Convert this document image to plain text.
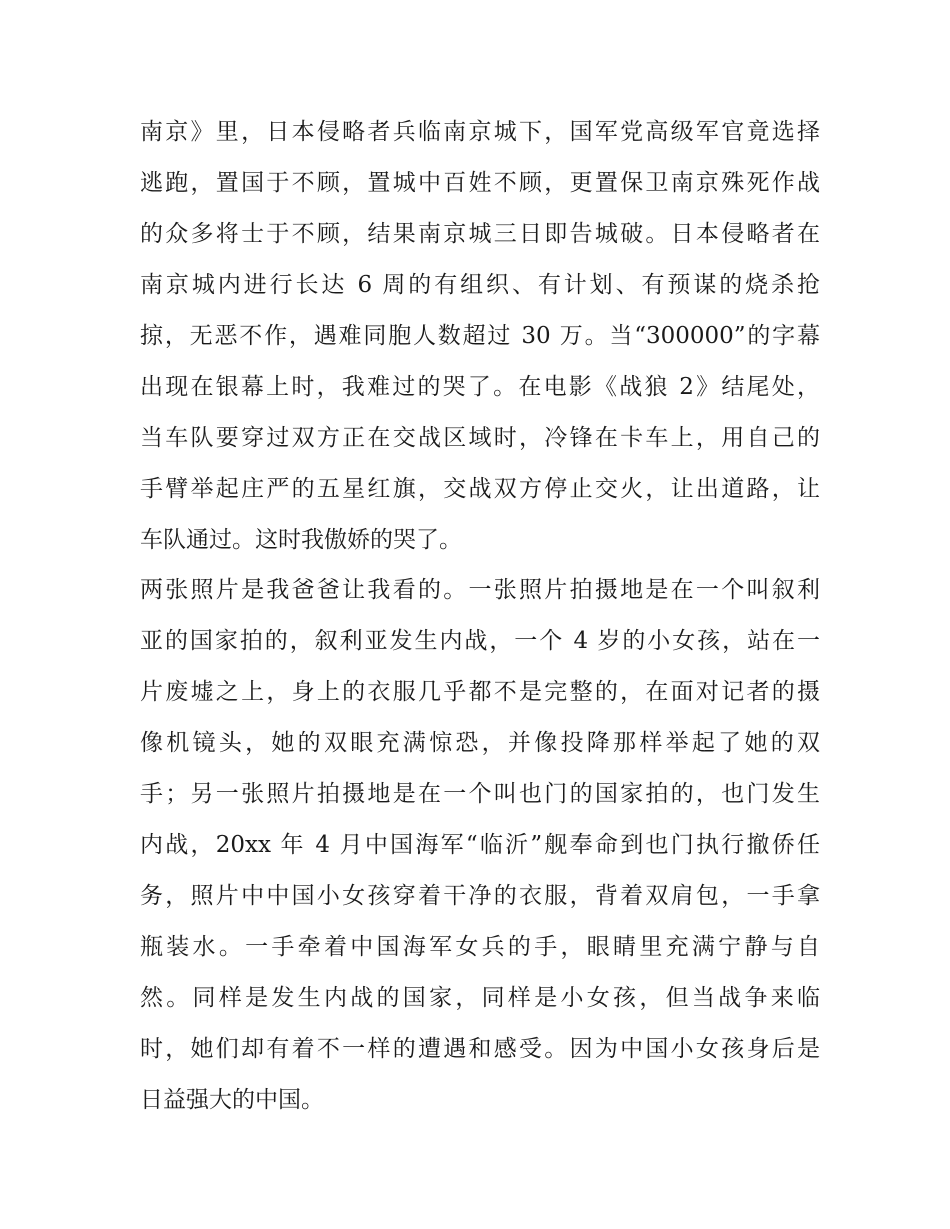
南京》里，日本侵略者兵临南京城下，国军党高级军官竟选择
逃跑，置国于不顾，置城中百姓不顾，更置保卫南京殊死作战
的众多将士于不顾，结果南京城三日即告城破。日本侵略者在
南京城内进行长达 6 周的有组织、有计划、有预谋的烧杀抢
掠，无恶不作，遇难同胞人数超过 30 万。当“300000”的字幕
出现在银幕上时，我难过的哭了。在电影《战狼 2》结尾处，
当车队要穿过双方正在交战区域时，冷锋在卡车上，用自己的
手臂举起庄严的五星红旗，交战双方停止交火，让出道路，让
车队通过。这时我傲娇的哭了。
两张照片是我爸爸让我看的。一张照片拍摄地是在一个叫叙利
亚的国家拍的，叙利亚发生内战，一个 4 岁的小女孩，站在一
片废墟之上，身上的衣服几乎都不是完整的，在面对记者的摄
像机镜头，她的双眼充满惊恐，并像投降那样举起了她的双
手；另一张照片拍摄地是在一个叫也门的国家拍的，也门发生
内战，20xx 年 4 月中国海军“临沂”舰奉命到也门执行撤侨任
务，照片中中国小女孩穿着干净的衣服，背着双肩包，一手拿
瓶装水。一手牵着中国海军女兵的手，眼睛里充满宁静与自
然。同样是发生内战的国家，同样是小女孩，但当战争来临
时，她们却有着不一样的遭遇和感受。因为中国小女孩身后是
日益强大的中国。
